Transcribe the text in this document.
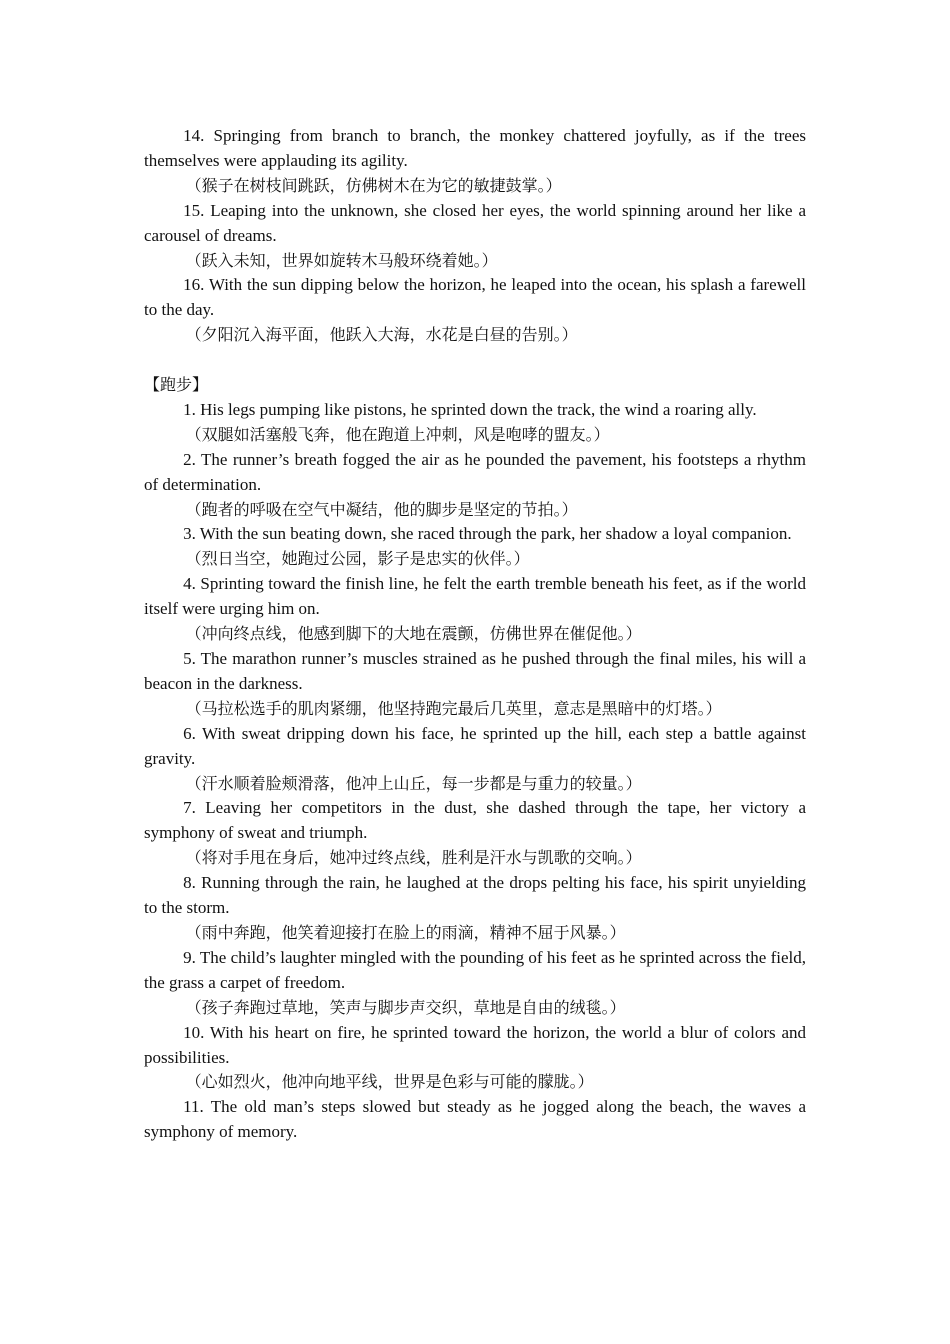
14. Springing from branch to branch, the monkey chattered joyfully, as if the trees themselves were applauding its agility.

（猴子在树枝间跳跃，仿佛树木在为它的敏捷鼓掌。）

15. Leaping into the unknown, she closed her eyes, the world spinning around her like a carousel of dreams.

（跃入未知，世界如旋转木马般环绕着她。）

16. With the sun dipping below the horizon, he leaped into the ocean, his splash a farewell to the day.

（夕阳沉入海平面，他跃入大海，水花是白昼的告别。）

【跑步】

1. His legs pumping like pistons, he sprinted down the track, the wind a roaring ally.

（双腿如活塞般飞奔，他在跑道上冲刺，风是咆哮的盟友。）

2. The runner’s breath fogged the air as he pounded the pavement, his footsteps a rhythm of determination.

（跑者的呼吸在空气中凝结，他的脚步是坚定的节拍。）

3. With the sun beating down, she raced through the park, her shadow a loyal companion.

（烈日当空，她跑过公园，影子是忠实的伙伴。）

4. Sprinting toward the finish line, he felt the earth tremble beneath his feet, as if the world itself were urging him on.

（冲向终点线，他感到脚下的大地在震颤，仿佛世界在催促他。）

5. The marathon runner’s muscles strained as he pushed through the final miles, his will a beacon in the darkness.

（马拉松选手的肌肉紧绷，他坚持跑完最后几英里，意志是黑暗中的灯塔。）

6. With sweat dripping down his face, he sprinted up the hill, each step a battle against gravity.

（汗水顺着脸颊滑落，他冲上山丘，每一步都是与重力的较量。）

7. Leaving her competitors in the dust, she dashed through the tape, her victory a symphony of sweat and triumph.

（将对手甩在身后，她冲过终点线，胜利是汗水与凯歌的交响。）

8. Running through the rain, he laughed at the drops pelting his face, his spirit unyielding to the storm.

（雨中奔跑，他笑着迎接打在脸上的雨滴，精神不屈于风暴。）

9. The child’s laughter mingled with the pounding of his feet as he sprinted across the field, the grass a carpet of freedom.

（孩子奔跑过草地，笑声与脚步声交织，草地是自由的绒毯。）

10. With his heart on fire, he sprinted toward the horizon, the world a blur of colors and possibilities.

（心如烈火，他冲向地平线，世界是色彩与可能的朦胧。）

11. The old man’s steps slowed but steady as he jogged along the beach, the waves a symphony of memory.
